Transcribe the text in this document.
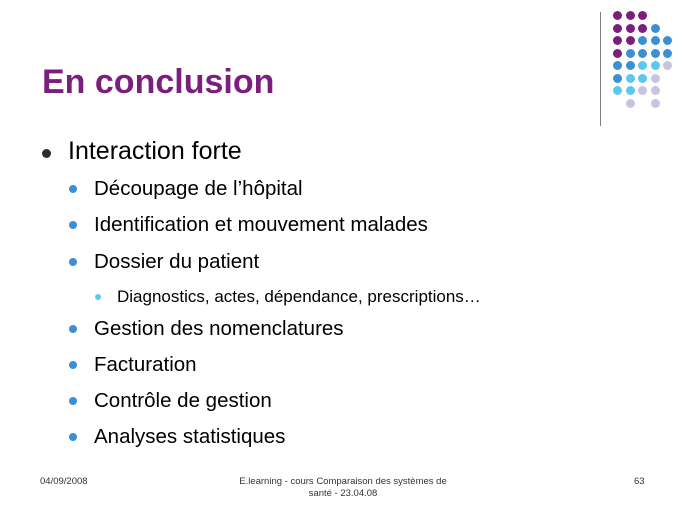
En conclusion
Interaction forte
Découpage de l’hôpital
Identification et mouvement malades
Dossier du patient
Diagnostics, actes, dépendance, prescriptions…
Gestion des nomenclatures
Facturation
Contrôle de gestion
Analyses statistiques
04/09/2008	E.learning - cours Comparaison des systèmes de santé - 23.04.08
63
